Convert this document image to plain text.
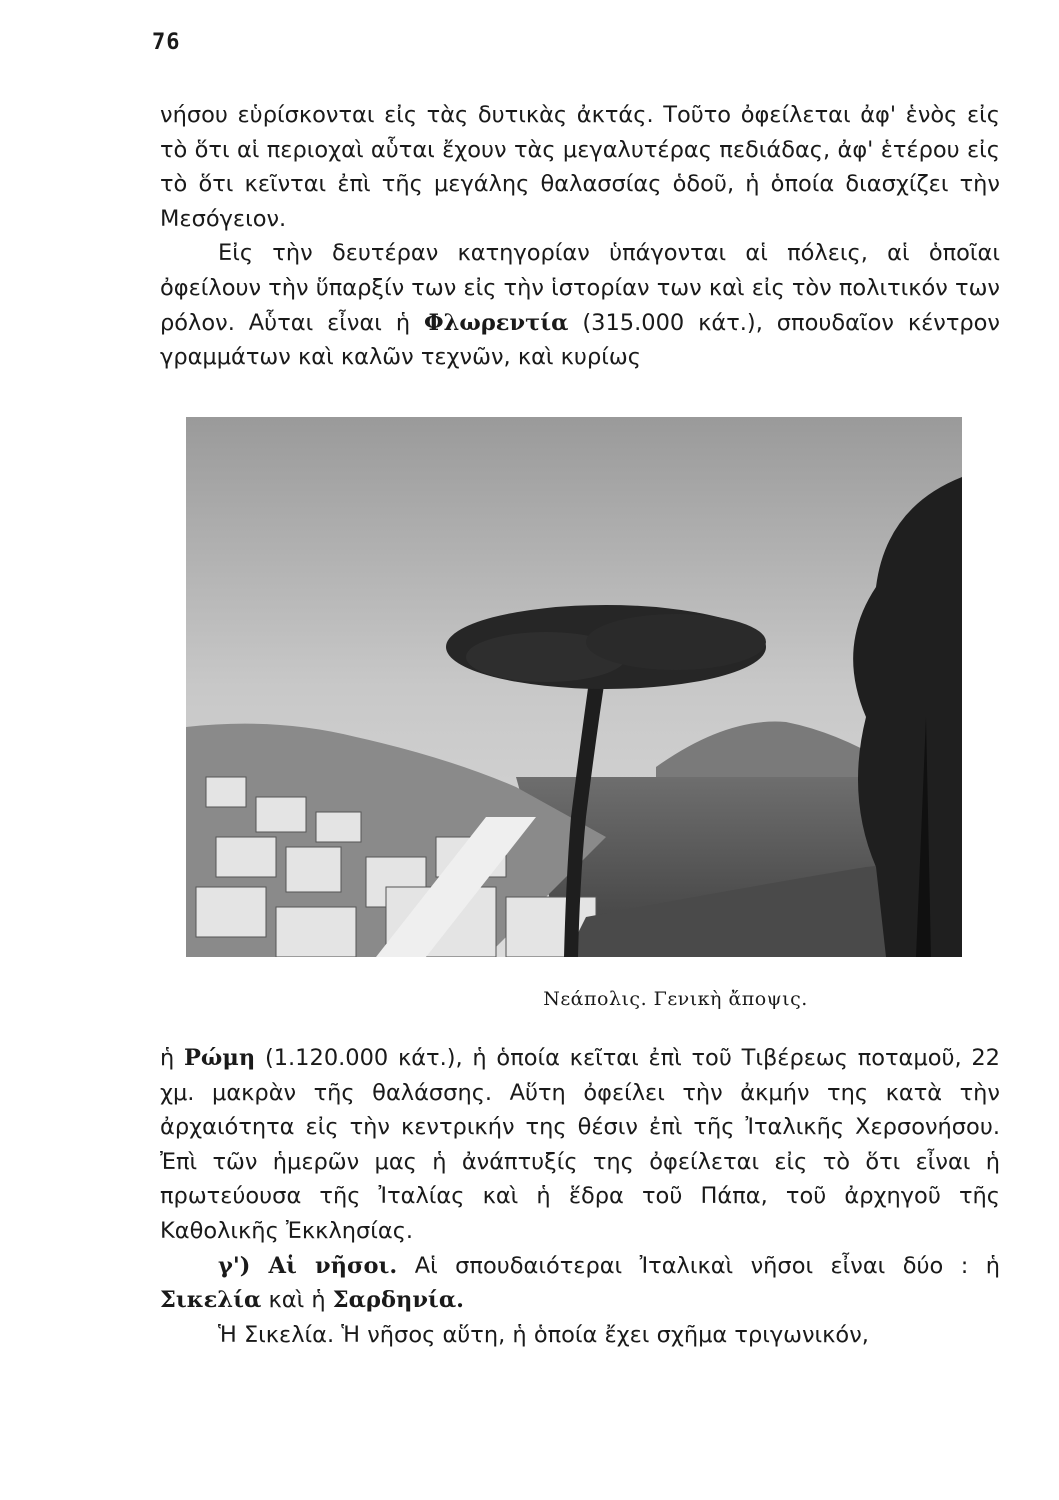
76

νήσου εὑρίσκονται εἰς τὰς δυτικὰς ἀκτάς. Τοῦτο ὀφείλεται ἀφ' ἑνὸς εἰς τὸ ὅτι αἱ περιοχαὶ αὗται ἔχουν τὰς μεγαλυτέρας πεδιάδας, ἀφ' ἑτέρου εἰς τὸ ὅτι κεῖνται ἐπὶ τῆς μεγάλης θαλασσίας ὁδοῦ, ἡ ὁποία διασχίζει τὴν Μεσόγειον.

Εἰς τὴν δευτέραν κατηγορίαν ὑπάγονται αἱ πόλεις, αἱ ὁποῖαι ὀφείλουν τὴν ὕπαρξίν των εἰς τὴν ἱστορίαν των καὶ εἰς τὸν πολιτικόν των ρόλον. Αὗται εἶναι ἡ Φλωρεντία (315.000 κάτ.), σπουδαῖον κέντρον γραμμάτων καὶ καλῶν τεχνῶν, καὶ κυρίως

Νεάπολις. Γενικὴ ἄποψις.

ἡ Ρώμη (1.120.000 κάτ.), ἡ ὁποία κεῖται ἐπὶ τοῦ Τιβέρεως ποταμοῦ, 22 χμ. μακρὰν τῆς θαλάσσης. Αὕτη ὀφείλει τὴν ἀκμήν της κατὰ τὴν ἀρχαιότητα εἰς τὴν κεντρικήν της θέσιν ἐπὶ τῆς Ἰταλικῆς Χερσονήσου. Ἐπὶ τῶν ἡμερῶν μας ἡ ἀνάπτυξίς της ὀφείλεται εἰς τὸ ὅτι εἶναι ἡ πρωτεύουσα τῆς Ἰταλίας καὶ ἡ ἕδρα τοῦ Πάπα, τοῦ ἀρχηγοῦ τῆς Καθολικῆς Ἐκκλησίας.

γ') Αἱ νῆσοι. Αἱ σπουδαιότεραι Ἰταλικαὶ νῆσοι εἶναι δύο : ἡ Σικελία καὶ ἡ Σαρδηνία.

Ἡ Σικελία. Ἡ νῆσος αὕτη, ἡ ὁποία ἔχει σχῆμα τριγωνικόν,
